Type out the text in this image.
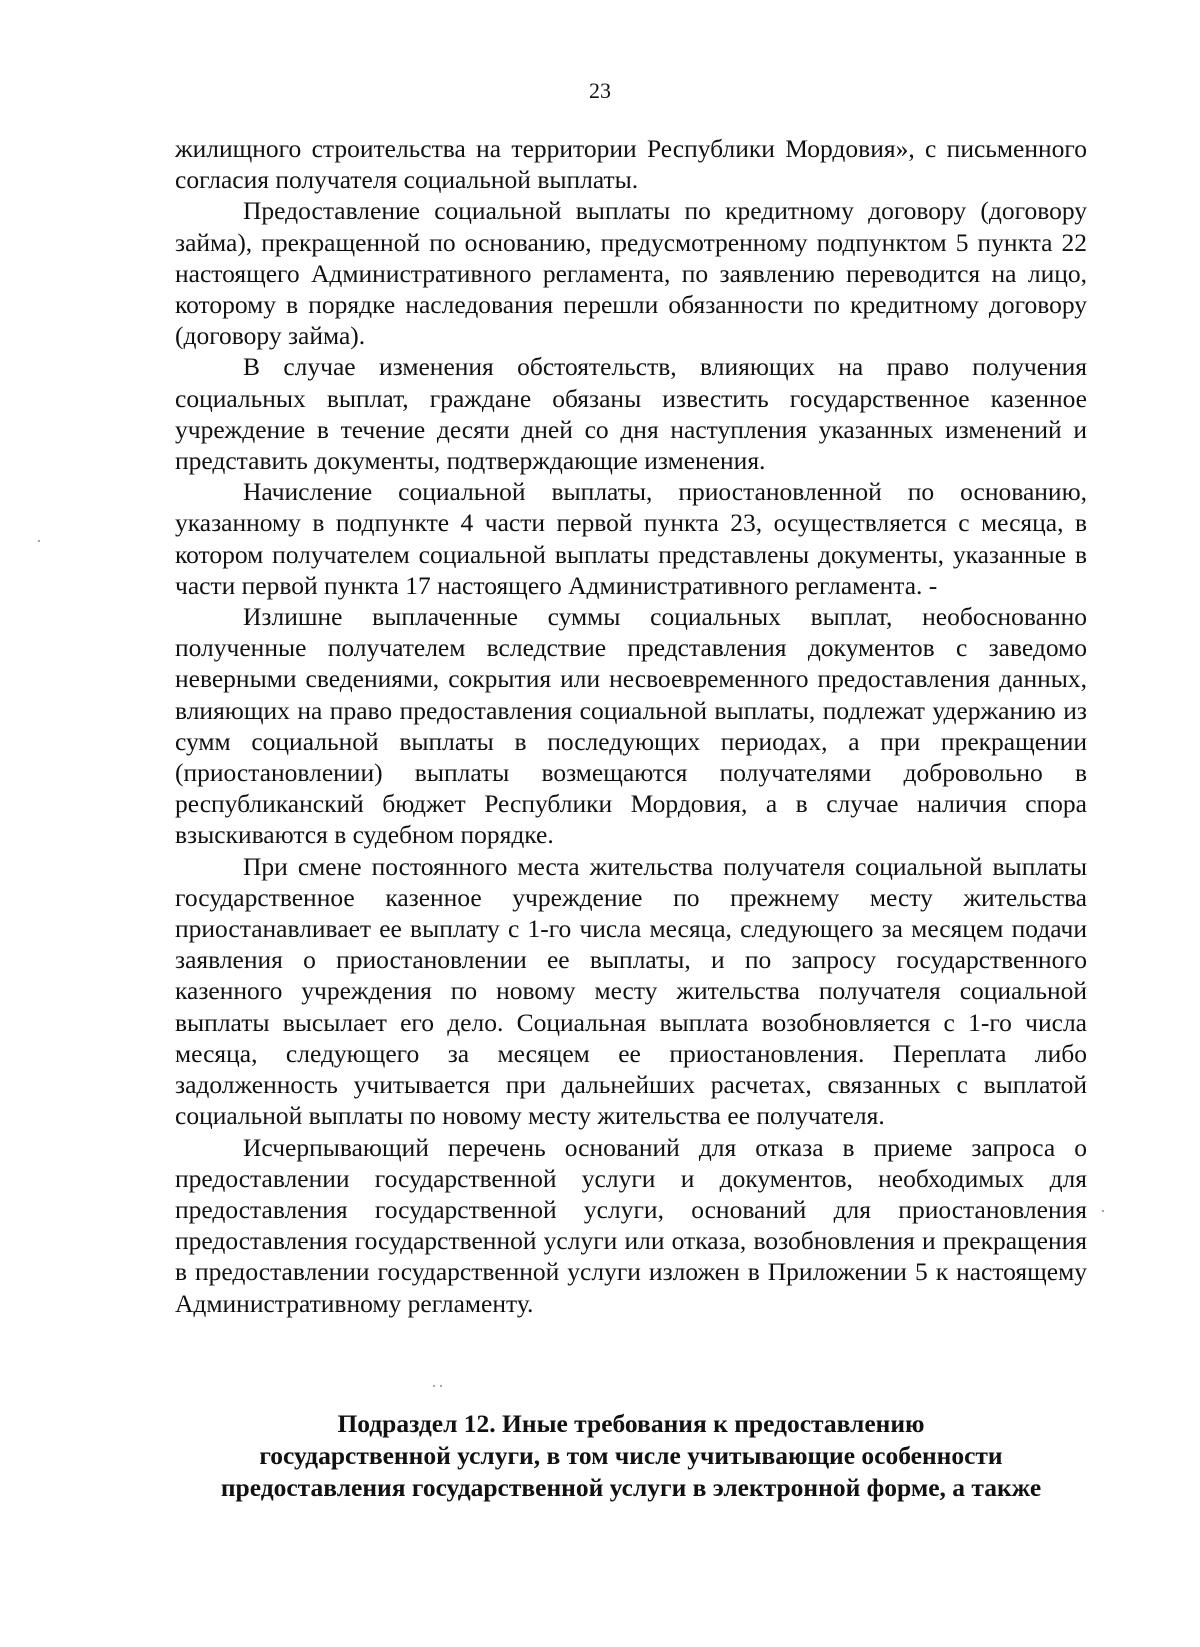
23

жилищного строительства на территории Республики Мордовия», с письменного согласия получателя социальной выплаты.

Предоставление социальной выплаты по кредитному договору (договору займа), прекращенной по основанию, предусмотренному подпунктом 5 пункта 22 настоящего Административного регламента, по заявлению переводится на лицо, которому в порядке наследования перешли обязанности по кредитному договору (договору займа).

В случае изменения обстоятельств, влияющих на право получения социальных выплат, граждане обязаны известить государственное казенное учреждение в течение десяти дней со дня наступления указанных изменений и представить документы, подтверждающие изменения.

Начисление социальной выплаты, приостановленной по основанию, указанному в подпункте 4 части первой пункта 23, осуществляется с месяца, в котором получателем социальной выплаты представлены документы, указанные в части первой пункта 17 настоящего Административного регламента. -

Излишне выплаченные суммы социальных выплат, необоснованно полученные получателем вследствие представления документов с заведомо неверными сведениями, сокрытия или несвоевременного предоставления данных, влияющих на право предоставления социальной выплаты, подлежат удержанию из сумм социальной выплаты в последующих периодах, а при прекращении (приостановлении) выплаты возмещаются получателями добровольно в республиканский бюджет Республики Мордовия, а в случае наличия спора взыскиваются в судебном порядке.

При смене постоянного места жительства получателя социальной выплаты государственное казенное учреждение по прежнему месту жительства приостанавливает ее выплату с 1-го числа месяца, следующего за месяцем подачи заявления о приостановлении ее выплаты, и по запросу государственного казенного учреждения по новому месту жительства получателя социальной выплаты высылает его дело. Социальная выплата возобновляется с 1-го числа месяца, следующего за месяцем ее приостановления. Переплата либо задолженность учитывается при дальнейших расчетах, связанных с выплатой социальной выплаты по новому месту жительства ее получателя.

Исчерпывающий перечень оснований для отказа в приеме запроса о предоставлении государственной услуги и документов, необходимых для предоставления государственной услуги, оснований для приостановления предоставления государственной услуги или отказа, возобновления и прекращения в предоставлении государственной услуги изложен в Приложении 5 к настоящему Административному регламенту.

Подраздел 12. Иные требования к предоставлению
государственной услуги, в том числе учитывающие особенности
предоставления государственной услуги в электронной форме, а также
